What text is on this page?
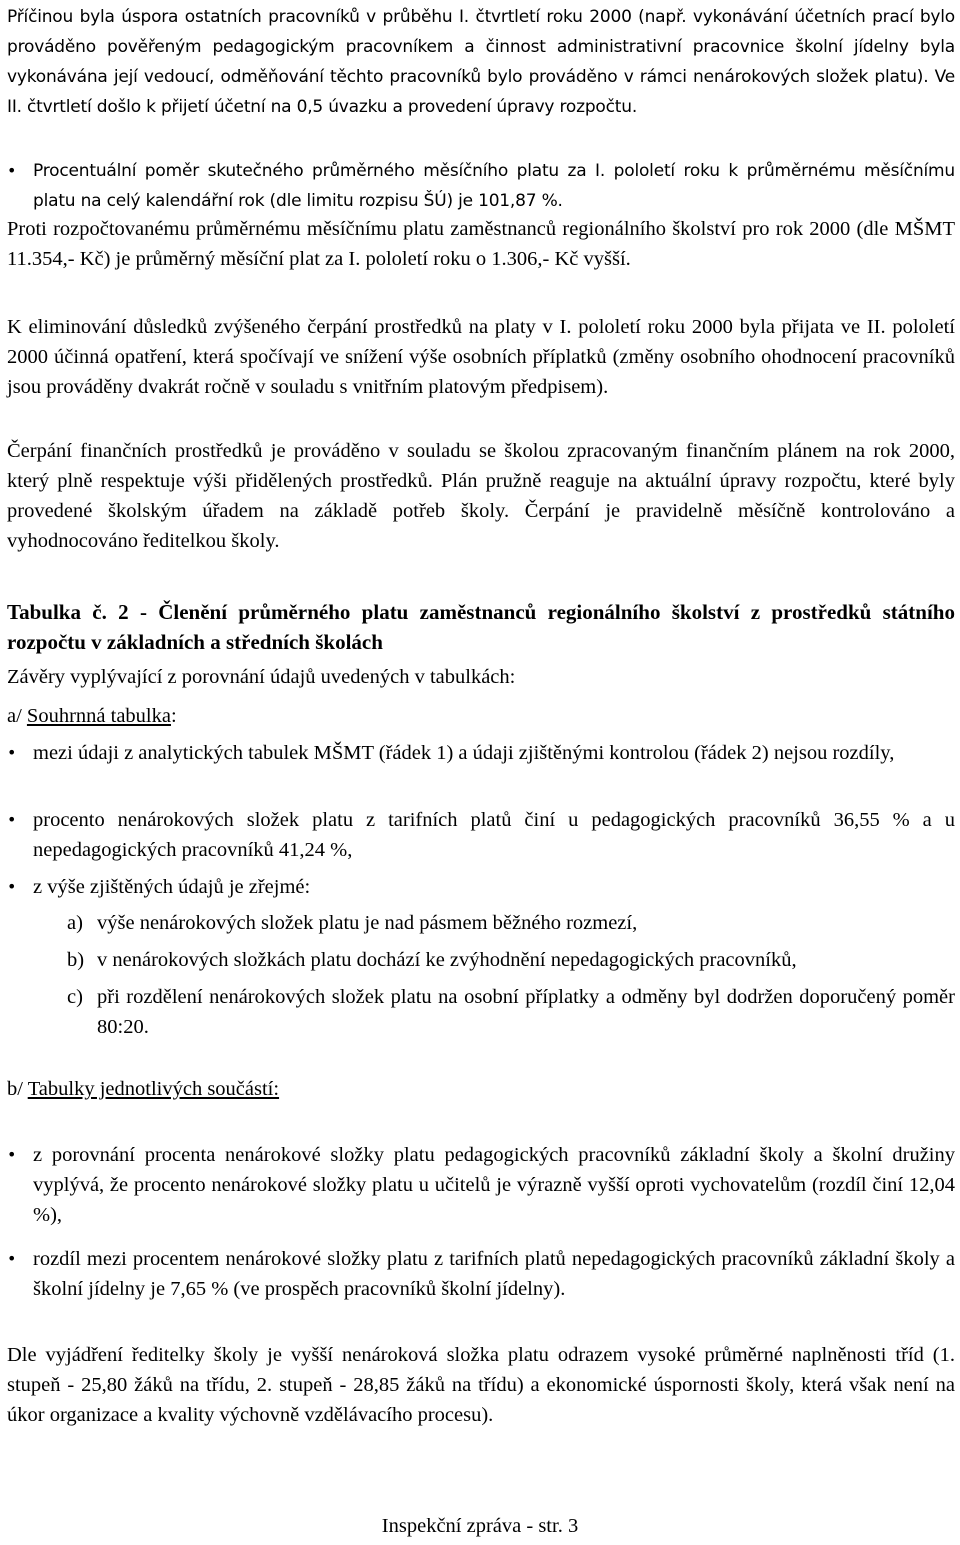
Příčinou byla úspora ostatních pracovníků v průběhu I. čtvrtletí roku 2000 (např. vykonávání účetních prací bylo prováděno pověřeným pedagogickým pracovníkem a činnost administrativní pracovnice školní jídelny byla vykonávána její vedoucí, odměňování těchto pracovníků bylo prováděno v rámci nenárokových složek platu). Ve II. čtvrtletí došlo k přijetí účetní na 0,5 úvazku a provedení úpravy rozpočtu.

• Procentuální poměr skutečného průměrného měsíčního platu za I. pololetí roku k průměrnému měsíčnímu platu na celý kalendářní rok (dle limitu rozpisu ŠÚ) je 101,87 %.

Proti rozpočtovanému průměrnému měsíčnímu platu zaměstnanců regionálního školství pro rok 2000 (dle MŠMT 11.354,- Kč) je průměrný měsíční plat za I. pololetí roku o 1.306,- Kč vyšší.

K eliminování důsledků zvýšeného čerpání prostředků na platy v I. pololetí roku 2000 byla přijata ve II. pololetí 2000 účinná opatření, která spočívají ve snížení výše osobních příplatků (změny osobního ohodnocení pracovníků jsou prováděny dvakrát ročně v souladu s vnitřním platovým předpisem).

Čerpání finančních prostředků je prováděno v souladu se školou zpracovaným finančním plánem na rok 2000, který plně respektuje výši přidělených prostředků. Plán pružně reaguje na aktuální úpravy rozpočtu, které byly provedené školským úřadem na základě potřeb školy. Čerpání je pravidelně měsíčně kontrolováno a vyhodnocováno ředitelkou školy.

Tabulka č. 2 - Členění průměrného platu zaměstnanců regionálního školství z prostředků státního rozpočtu v základních a středních školách

Závěry vyplývající z porovnání údajů uvedených v tabulkách:

a/ Souhrnná tabulka:

• mezi údaji z analytických tabulek MŠMT (řádek 1) a údaji zjištěnými kontrolou (řádek 2) nejsou rozdíly,

• procento nenárokových složek platu z tarifních platů činí u pedagogických pracovníků 36,55 % a u nepedagogických pracovníků 41,24 %,

• z výše zjištěných údajů je zřejmé:

a) výše nenárokových složek platu je nad pásmem běžného rozmezí,

b) v nenárokových složkách platu dochází ke zvýhodnění nepedagogických pracovníků,

c) při rozdělení nenárokových složek platu na osobní příplatky a odměny byl dodržen doporučený poměr 80:20.

b/ Tabulky jednotlivých součástí:

• z porovnání procenta nenárokové složky platu pedagogických pracovníků základní školy a školní družiny vyplývá, že procento nenárokové složky platu u učitelů je výrazně vyšší oproti vychovatelům (rozdíl činí 12,04 %),

• rozdíl mezi procentem nenárokové složky platu z tarifních platů nepedagogických pracovníků základní školy a školní jídelny je 7,65 % (ve prospěch pracovníků školní jídelny).

Dle vyjádření ředitelky školy je vyšší nenároková složka platu odrazem vysoké průměrné naplněnosti tříd (1. stupeň - 25,80 žáků na třídu, 2. stupeň - 28,85 žáků na třídu) a ekonomické úspornosti školy, která však není na úkor organizace a kvality výchovně vzdělávacího procesu).

Inspekční zpráva - str. 3
